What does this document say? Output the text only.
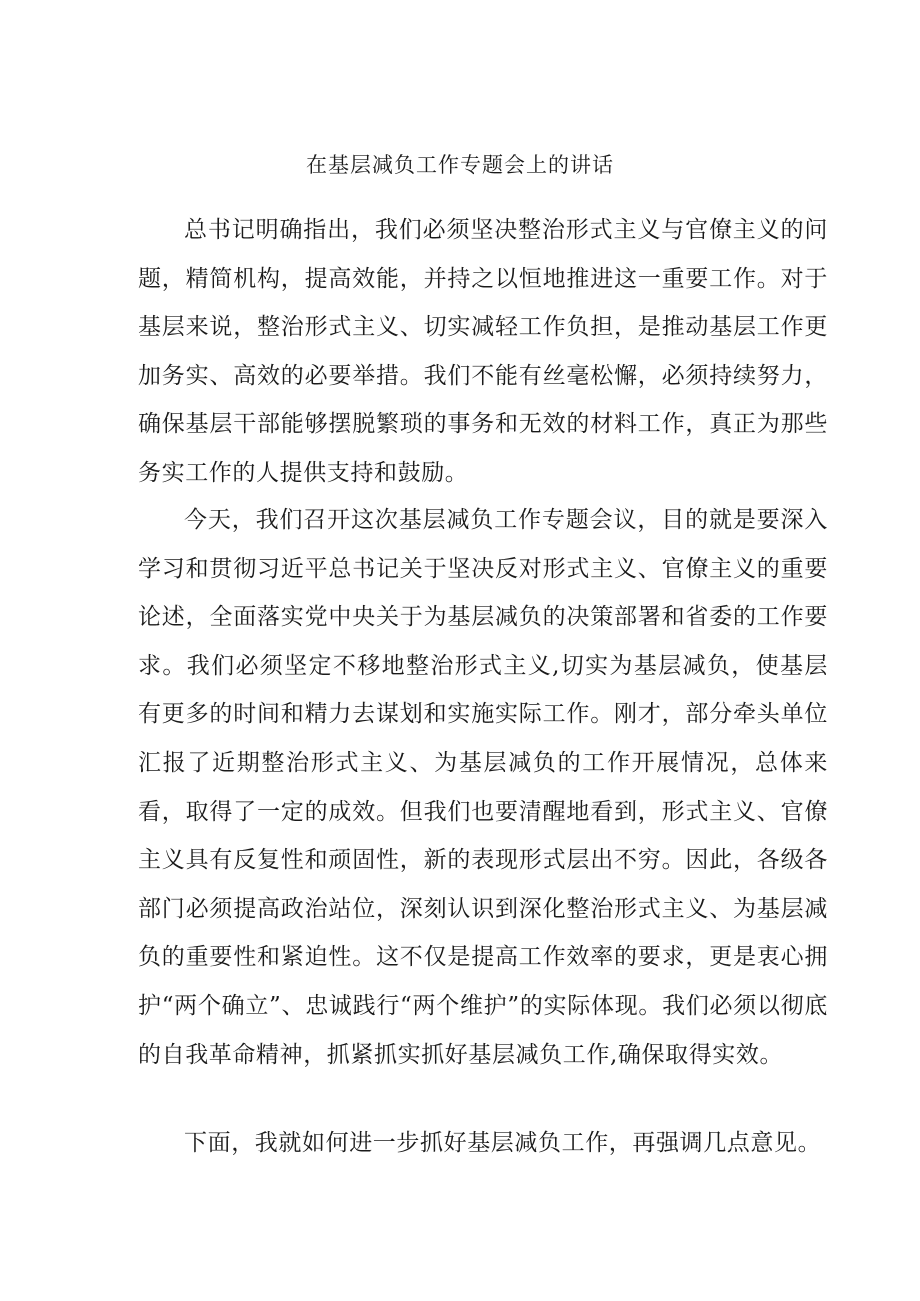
在基层减负工作专题会上的讲话

总书记明确指出，我们必须坚决整治形式主义与官僚主义的问题，精简机构，提高效能，并持之以恒地推进这一重要工作。对于基层来说，整治形式主义、切实减轻工作负担，是推动基层工作更加务实、高效的必要举措。我们不能有丝毫松懈，必须持续努力，确保基层干部能够摆脱繁琐的事务和无效的材料工作，真正为那些务实工作的人提供支持和鼓励。

今天，我们召开这次基层减负工作专题会议，目的就是要深入学习和贯彻习近平总书记关于坚决反对形式主义、官僚主义的重要论述，全面落实党中央关于为基层减负的决策部署和省委的工作要求。我们必须坚定不移地整治形式主义,切实为基层减负，使基层有更多的时间和精力去谋划和实施实际工作。刚才，部分牵头单位汇报了近期整治形式主义、为基层减负的工作开展情况，总体来看，取得了一定的成效。但我们也要清醒地看到，形式主义、官僚主义具有反复性和顽固性，新的表现形式层出不穷。因此，各级各部门必须提高政治站位，深刻认识到深化整治形式主义、为基层减负的重要性和紧迫性。这不仅是提高工作效率的要求，更是衷心拥护“两个确立”、忠诚践行“两个维护”的实际体现。我们必须以彻底的自我革命精神，抓紧抓实抓好基层减负工作,确保取得实效。

下面，我就如何进一步抓好基层减负工作，再强调几点意见。
